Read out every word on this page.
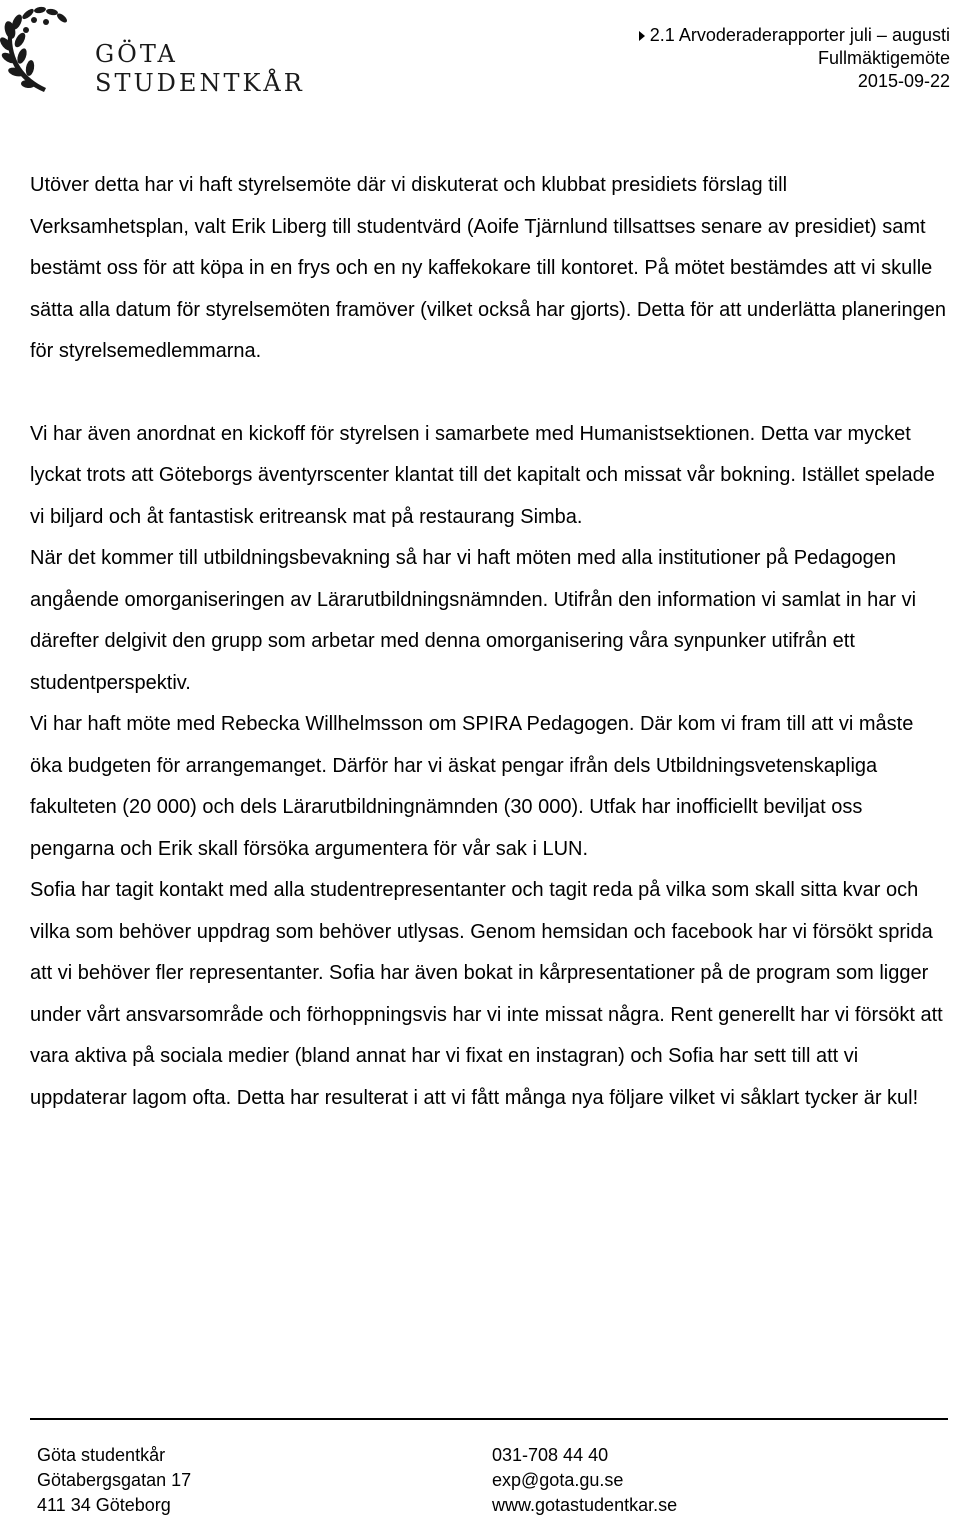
GÖTA
STUDENTKÅR
2.1 Arvoderaderapporter juli – augusti
Fullmäktigemöte
2015-09-22

Utöver detta har vi haft styrelsemöte där vi diskuterat och klubbat presidiets förslag till Verksamhetsplan, valt Erik Liberg till studentvärd (Aoife Tjärnlund tillsattses senare av presidiet) samt bestämt oss för att köpa in en frys och en ny kaffekokare till kontoret. På mötet bestämdes att vi skulle sätta alla datum för styrelsemöten framöver (vilket också har gjorts). Detta för att underlätta planeringen för styrelsemedlemmarna.

Vi har även anordnat en kickoff för styrelsen i samarbete med Humanistsektionen. Detta var mycket lyckat trots att Göteborgs äventyrscenter klantat till det kapitalt och missat vår bokning. Istället spelade vi biljard och åt fantastisk eritreansk mat på restaurang Simba.

När det kommer till utbildningsbevakning så har vi haft möten med alla institutioner på Pedagogen angående omorganiseringen av Lärarutbildningsnämnden. Utifrån den information vi samlat in har vi därefter delgivit den grupp som arbetar med denna omorganisering våra synpunker utifrån ett studentperspektiv.

Vi har haft möte med Rebecka Willhelmsson om SPIRA Pedagogen. Där kom vi fram till att vi måste öka budgeten för arrangemanget. Därför har vi äskat pengar ifrån dels Utbildningsvetenskapliga fakulteten (20 000) och dels Lärarutbildningnämnden (30 000). Utfak har inofficiellt beviljat oss pengarna och Erik skall försöka argumentera för vår sak i LUN.

Sofia har tagit kontakt med alla studentrepresentanter och tagit reda på vilka som skall sitta kvar och vilka som behöver uppdrag som behöver utlysas. Genom hemsidan och facebook har vi försökt sprida att vi behöver fler representanter. Sofia har även bokat in kårpresentationer på de program som ligger under vårt ansvarsområde och förhoppningsvis har vi inte missat några. Rent generellt har vi försökt att vara aktiva på sociala medier (bland annat har vi fixat en instagran) och Sofia har sett till att vi uppdaterar lagom ofta. Detta har resulterat i att vi fått många nya följare vilket vi såklart tycker är kul!

Göta studentkår
Götabergsgatan 17
411 34 Göteborg
031-708 44 40
exp@gota.gu.se
www.gotastudentkar.se
